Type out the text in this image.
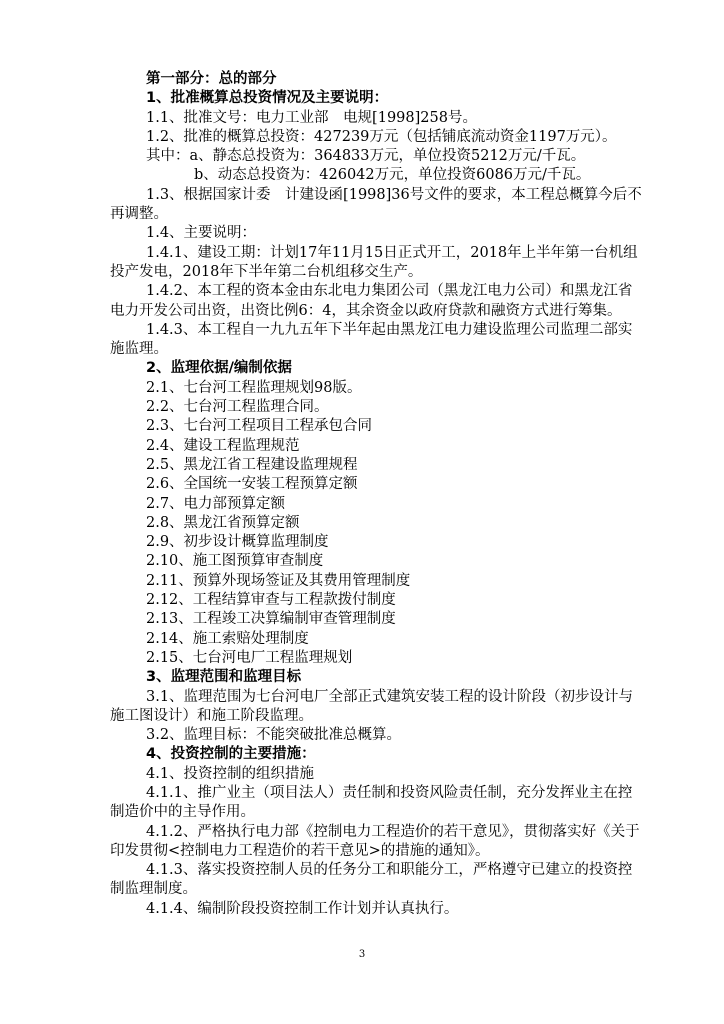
第一部分：总的部分
1、批准概算总投资情况及主要说明：
1.1、批准文号：电力工业部　电规[1998]258号。
1.2、批准的概算总投资：427239万元（包括铺底流动资金1197万元）。
其中：a、静态总投资为：364833万元，单位投资5212万元/千瓦。
b、动态总投资为：426042万元，单位投资6086万元/千瓦。
1.3、根据国家计委　计建设函[1998]36号文件的要求，本工程总概算今后不再调整。
1.4、主要说明：
1.4.1、建设工期：计划17年11月15日正式开工，2018年上半年第一台机组投产发电，2018年下半年第二台机组移交生产。
1.4.2、本工程的资本金由东北电力集团公司（黑龙江电力公司）和黑龙江省电力开发公司出资，出资比例6：4，其余资金以政府贷款和融资方式进行筹集。
1.4.3、本工程自一九九五年下半年起由黑龙江电力建设监理公司监理二部实施监理。
2、监理依据/编制依据
2.1、七台河工程监理规划98版。
2.2、七台河工程监理合同。
2.3、七台河工程项目工程承包合同
2.4、建设工程监理规范
2.5、黑龙江省工程建设监理规程
2.6、全国统一安装工程预算定额
2.7、电力部预算定额
2.8、黑龙江省预算定额
2.9、初步设计概算监理制度
2.10、施工图预算审查制度
2.11、预算外现场签证及其费用管理制度
2.12、工程结算审查与工程款拨付制度
2.13、工程竣工决算编制审查管理制度
2.14、施工索赔处理制度
2.15、七台河电厂工程监理规划
3、监理范围和监理目标
3.1、监理范围为七台河电厂全部正式建筑安装工程的设计阶段（初步设计与施工图设计）和施工阶段监理。
3.2、监理目标：不能突破批准总概算。
4、投资控制的主要措施：
4.1、投资控制的组织措施
4.1.1、推广业主（项目法人）责任制和投资风险责任制，充分发挥业主在控制造价中的主导作用。
4.1.2、严格执行电力部《控制电力工程造价的若干意见》，贯彻落实好《关于印发贯彻<控制电力工程造价的若干意见>的措施的通知》。
4.1.3、落实投资控制人员的任务分工和职能分工，严格遵守已建立的投资控制监理制度。
4.1.4、编制阶段投资控制工作计划并认真执行。
3
